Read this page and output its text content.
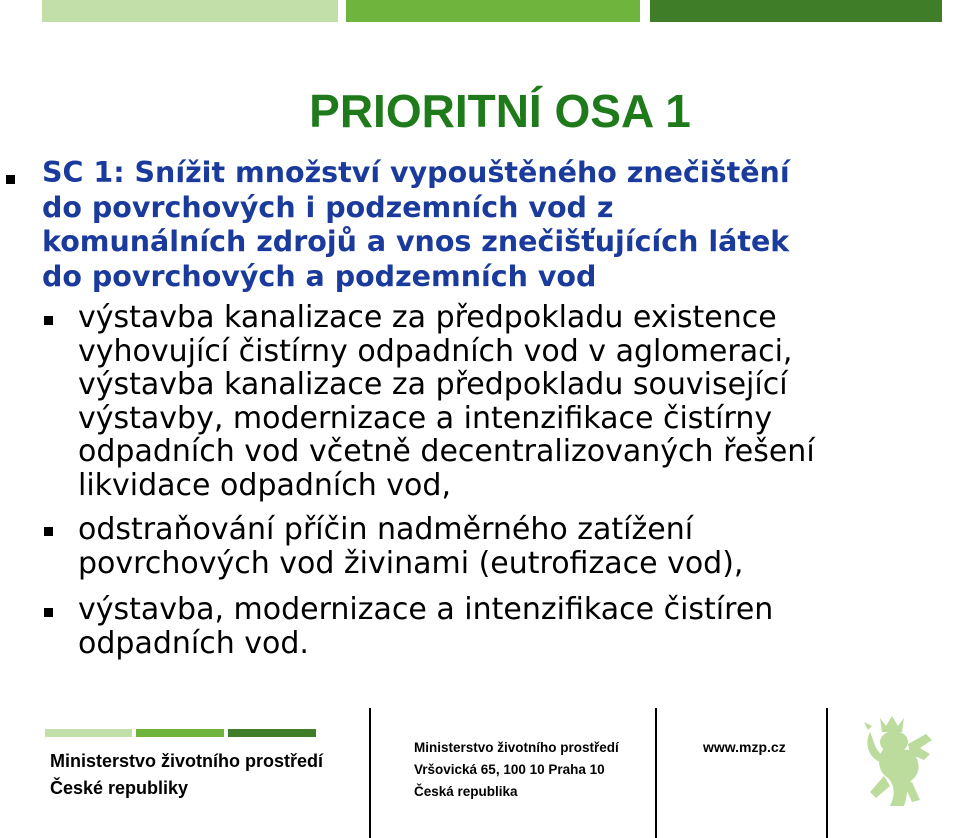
PRIORITNÍ OSA 1

SC 1: Snížit množství vypouštěného znečištění
do povrchových i podzemních vod z
komunálních zdrojů a vnos znečišťujících látek
do povrchových a podzemních vod

výstavba kanalizace za předpokladu existence
vyhovující čistírny odpadních vod v aglomeraci,
výstavba kanalizace za předpokladu související
výstavby, modernizace a intenzifikace čistírny
odpadních vod včetně decentralizovaných řešení
likvidace odpadních vod,

odstraňování příčin nadměrného zatížení
povrchových vod živinami (eutrofizace vod),

výstavba, modernizace a intenzifikace čistíren
odpadních vod.

Ministerstvo životního prostředí
České republiky

Ministerstvo životního prostředí
Vršovická 65, 100 10 Praha 10
Česká republika

www.mzp.cz
